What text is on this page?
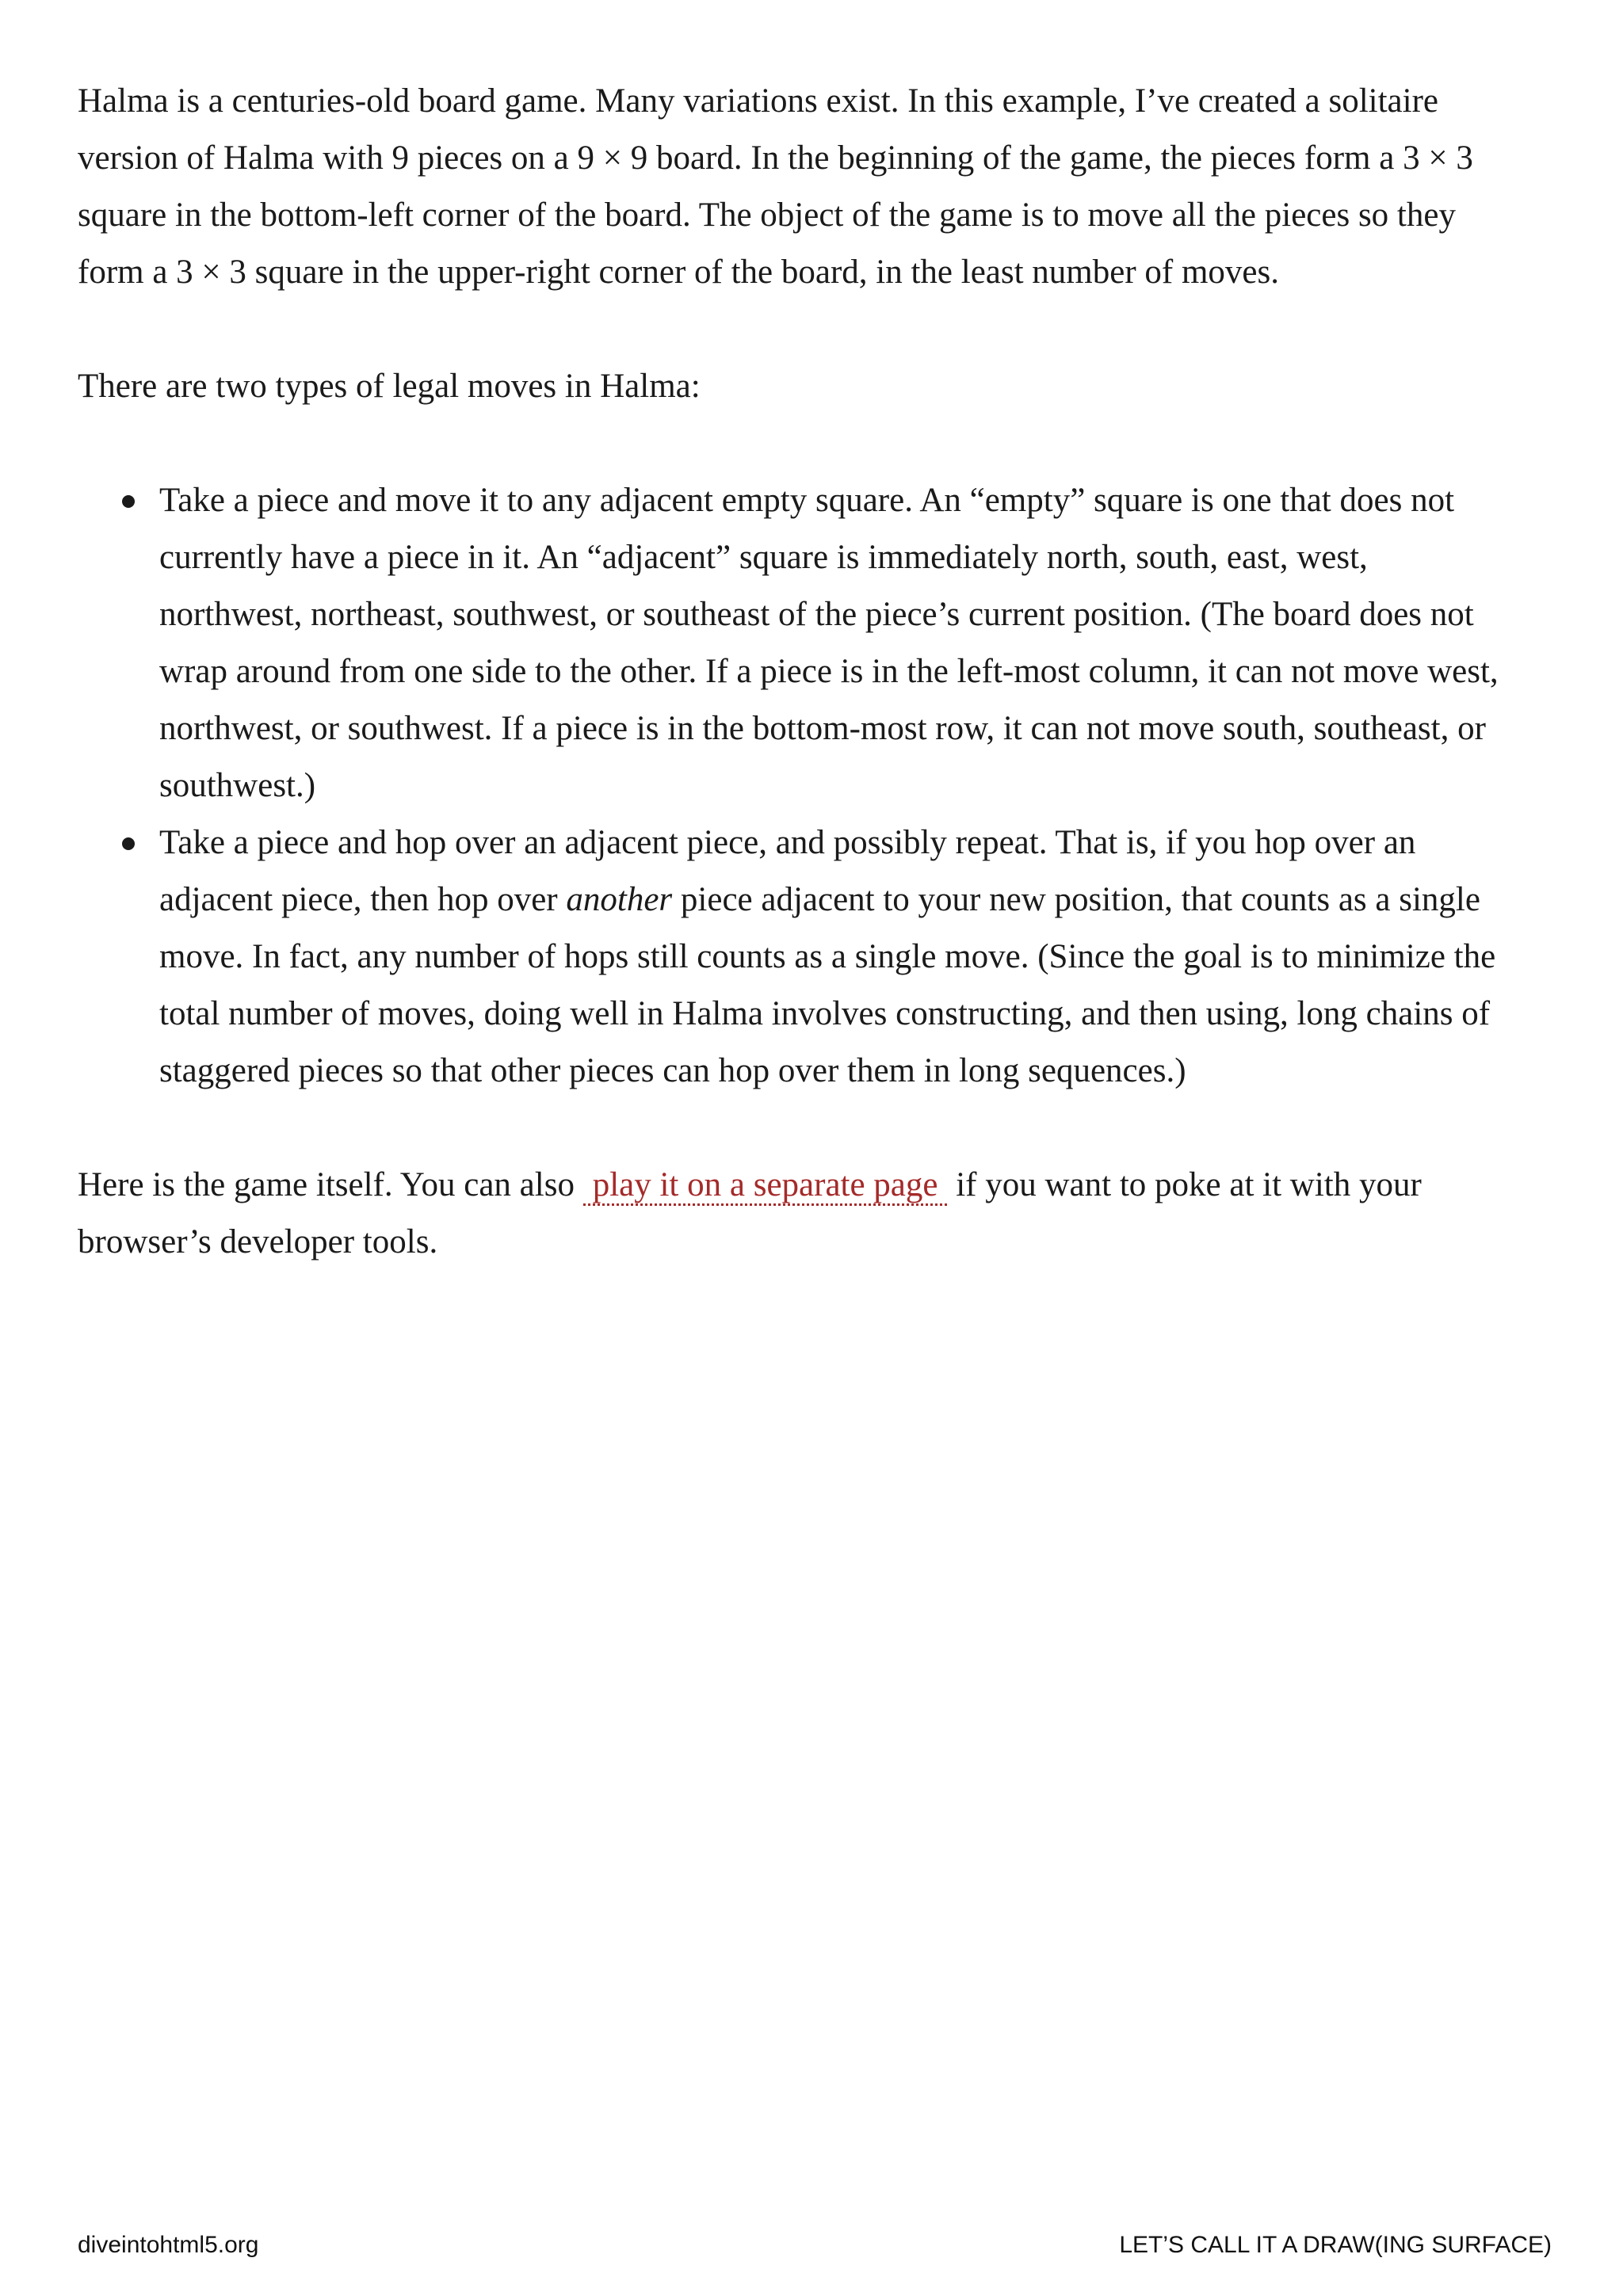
Halma is a centuries-old board game. Many variations exist. In this example, I’ve created a solitaire version of Halma with 9 pieces on a 9 × 9 board. In the beginning of the game, the pieces form a 3 × 3 square in the bottom-left corner of the board. The object of the game is to move all the pieces so they form a 3 × 3 square in the upper-right corner of the board, in the least number of moves.

There are two types of legal moves in Halma:

Take a piece and move it to any adjacent empty square. An “empty” square is one that does not currently have a piece in it. An “adjacent” square is immediately north, south, east, west, northwest, northeast, southwest, or southeast of the piece’s current position. (The board does not wrap around from one side to the other. If a piece is in the left-most column, it can not move west, northwest, or southwest. If a piece is in the bottom-most row, it can not move south, southeast, or southwest.)
Take a piece and hop over an adjacent piece, and possibly repeat. That is, if you hop over an adjacent piece, then hop over another piece adjacent to your new position, that counts as a single move. In fact, any number of hops still counts as a single move. (Since the goal is to minimize the total number of moves, doing well in Halma involves constructing, and then using, long chains of staggered pieces so that other pieces can hop over them in long sequences.)

Here is the game itself. You can also play it on a separate page if you want to poke at it with your browser’s developer tools.

diveintohtml5.org	LET’S CALL IT A DRAW(ING SURFACE)
